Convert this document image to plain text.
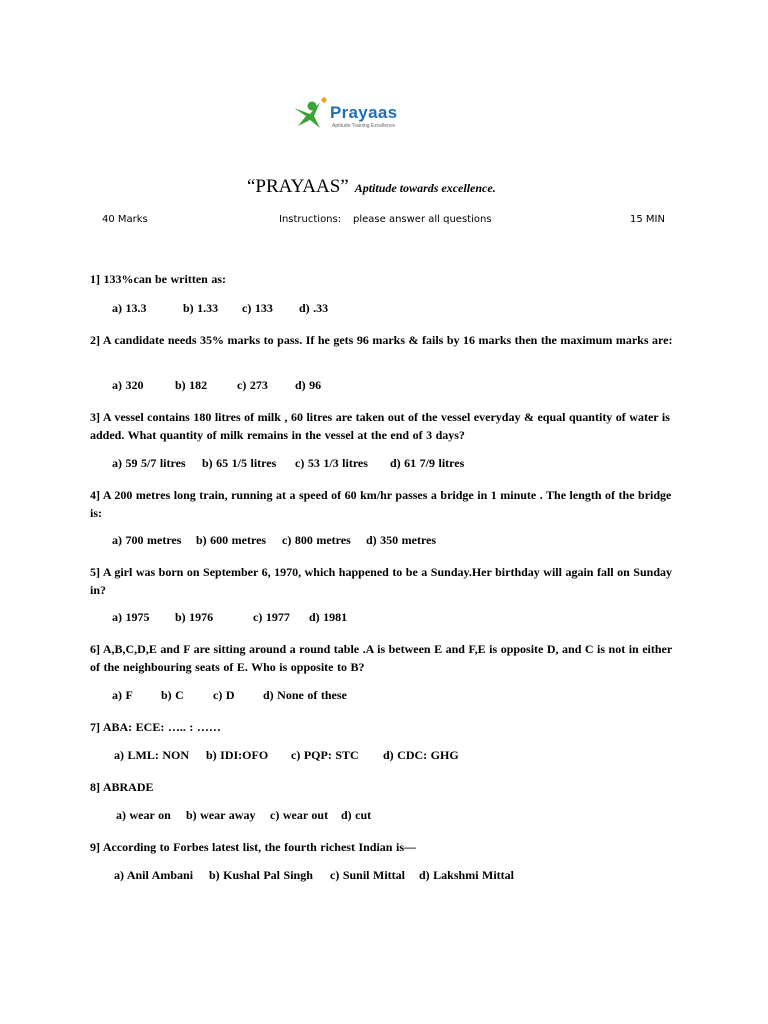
Prayaas
Aptitude Training Excellence
“PRAYAAS” Aptitude towards excellence.
40 Marks	Instructions: please answer all questions	15 MIN
1] 133%can be written as:
a) 13.3	b) 1.33 c) 133 d) .33
2] A candidate needs 35% marks to pass. If he gets 96 marks & fails by 16 marks then the maximum marks are:
a) 320	b) 182 c) 273 d) 96
3] A vessel contains 180 litres of milk , 60 litres are taken out of the vessel everyday & equal quantity of water is added. What quantity of milk remains in the vessel at the end of 3 days?
a) 59 5/7 litres b) 65 1/5 litres c) 53 1/3 litres d) 61 7/9 litres
4] A 200 metres long train, running at a speed of 60 km/hr passes a bridge in 1 minute . The length of the bridge is:
a) 700 metres b) 600 metres c) 800 metres d) 350 metres
5] A girl was born on September 6, 1970, which happened to be a Sunday.Her birthday will again fall on Sunday in?
a) 1975 b) 1976	c) 1977 d) 1981
6] A,B,C,D,E and F are sitting around a round table .A is between E and F,E is opposite D, and C is not in either of the neighbouring seats of E. Who is opposite to B?
a) F b) C c) D d) None of these
7] ABA: ECE: ….. : ……
a) LML: NON b) IDI:OFO c) PQP: STC d) CDC: GHG
8] ABRADE
a) wear on b) wear away c) wear out d) cut
9] According to Forbes latest list, the fourth richest Indian is—
a) Anil Ambani b) Kushal Pal Singh c) Sunil Mittal d) Lakshmi Mittal
